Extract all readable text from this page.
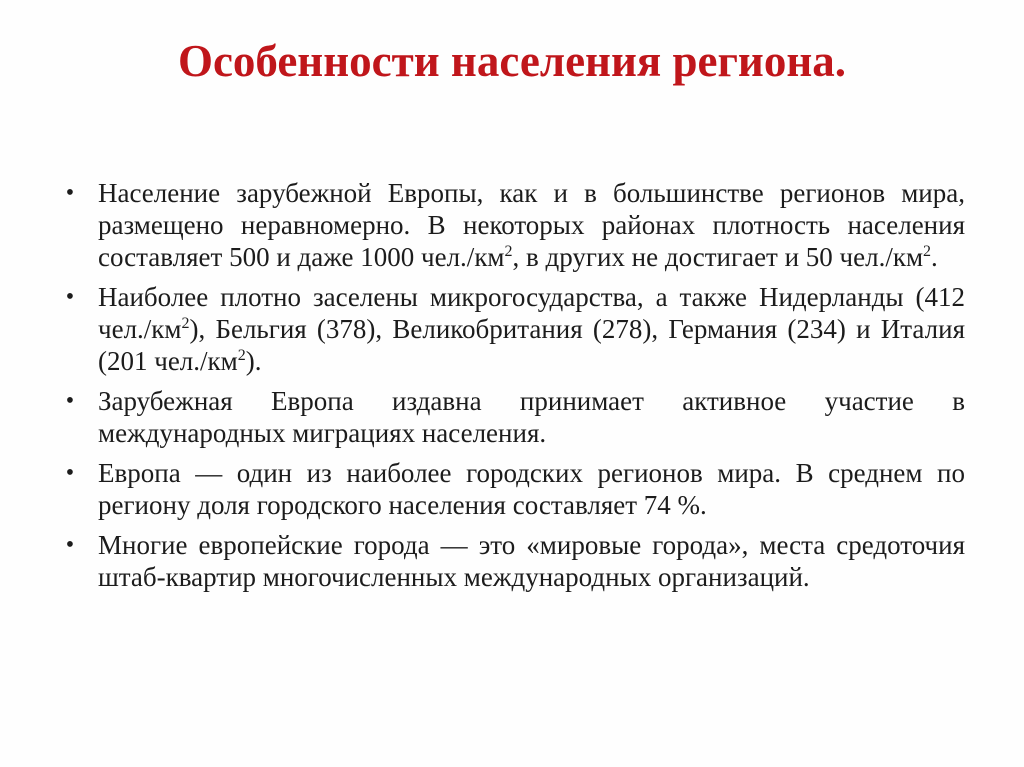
Особенности населения региона.
• Население зарубежной Европы, как и в большинстве регионов мира, размещено неравномерно. В некоторых районах плотность населения составляет 500 и даже 1000 $чел./км^2$, в других не достигает и 50 $чел./км^2$.
• Наиболее плотно заселены микрогосударства, а также Нидерланды (412 $чел./км^2$), Бельгия (378), Великобритания (278), Германия (234) и Италия (201 $чел./км^2$).
• Зарубежная Европа издавна принимает активное участие в международных миграциях населения.
• Европа — один из наиболее городских регионов мира. В среднем по региону доля городского населения составляет 74 %.
• Многие европейские города — это «мировые города», места средоточия штаб-квартир многочисленных международных организаций.
